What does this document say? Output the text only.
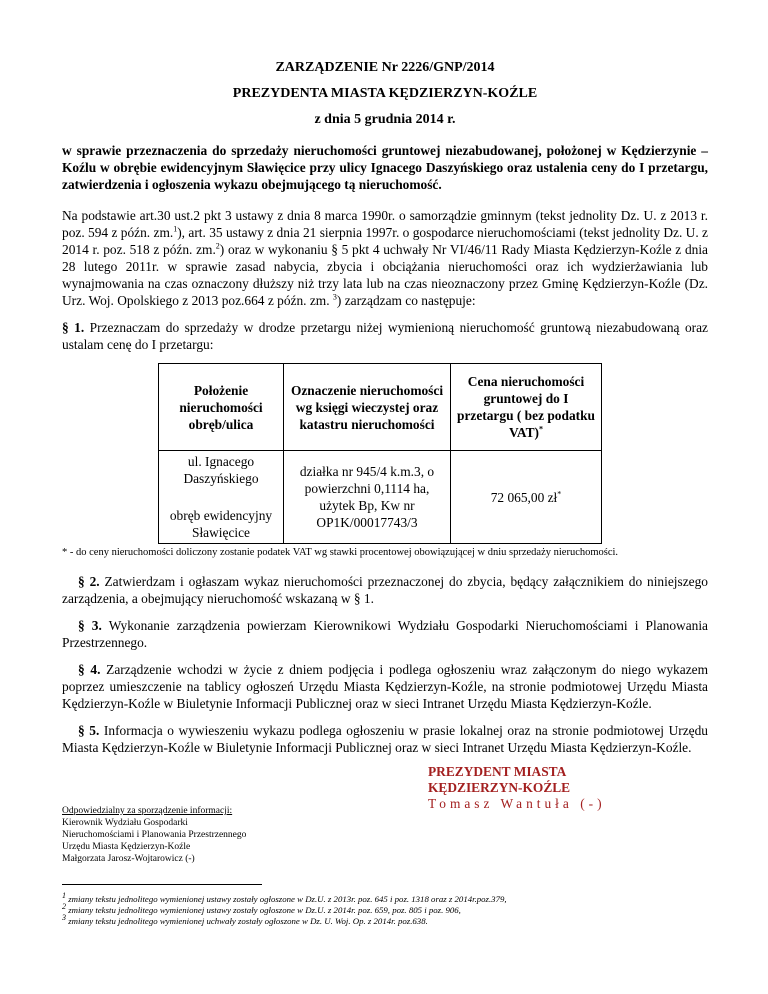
ZARZĄDZENIE Nr 2226/GNP/2014
PREZYDENTA MIASTA KĘDZIERZYN-KOŹLE
z dnia 5 grudnia 2014 r.
w sprawie przeznaczenia do sprzedaży nieruchomości gruntowej niezabudowanej, położonej w Kędzierzynie – Koźlu w obrębie ewidencyjnym Sławięcice przy ulicy Ignacego Daszyńskiego oraz ustalenia ceny do I przetargu, zatwierdzenia i ogłoszenia wykazu obejmującego tą nieruchomość.
Na podstawie art.30 ust.2 pkt 3 ustawy z dnia 8 marca 1990r. o samorządzie gminnym (tekst jednolity Dz. U. z 2013 r. poz. 594 z późn. zm.$^1$), art. 35 ustawy z dnia 21 sierpnia 1997r. o gospodarce nieruchomościami (tekst jednolity Dz. U. z 2014 r. poz. 518 z późn. zm.$^2$) oraz w wykonaniu § 5 pkt 4 uchwały Nr VI/46/11 Rady Miasta Kędzierzyn-Koźle z dnia 28 lutego 2011r. w sprawie zasad nabycia, zbycia i obciążania nieruchomości oraz ich wydzierżawiania lub wynajmowania na czas oznaczony dłuższy niż trzy lata lub na czas nieoznaczony przez Gminę Kędzierzyn-Koźle (Dz. Urz. Woj. Opolskiego z 2013 poz.664 z późn. zm. $^3$) zarządzam co następuje:
§ 1. Przeznaczam do sprzedaży w drodze przetargu niżej wymienioną nieruchomość gruntową niezabudowaną oraz ustalam cenę do I przetargu:
Położenie nieruchomości obręb/ulica	Oznaczenie nieruchomości wg księgi wieczystej oraz katastru nieruchomości	Cena nieruchomości gruntowej do I przetargu ( bez podatku VAT)*

ul. Ignacego Daszyńskiego
obręb ewidencyjny Sławięcice	działka nr 945/4 k.m.3, o powierzchni 0,1114 ha, użytek Bp, Kw nr OP1K/00017743/3	72 065,00 zł*
* - do ceny nieruchomości doliczony zostanie podatek VAT wg stawki procentowej obowiązującej w dniu sprzedaży nieruchomości.
§ 2. Zatwierdzam i ogłaszam wykaz nieruchomości przeznaczonej do zbycia, będący załącznikiem do niniejszego zarządzenia, a obejmujący nieruchomość wskazaną w § 1.
§ 3. Wykonanie zarządzenia powierzam Kierownikowi Wydziału Gospodarki Nieruchomościami i Planowania Przestrzennego.
§ 4. Zarządzenie wchodzi w życie z dniem podjęcia i podlega ogłoszeniu wraz załączonym do niego wykazem poprzez umieszczenie na tablicy ogłoszeń Urzędu Miasta Kędzierzyn-Koźle, na stronie podmiotowej Urzędu Miasta Kędzierzyn-Koźle w Biuletynie Informacji Publicznej oraz w sieci Intranet Urzędu Miasta Kędzierzyn-Koźle.
§ 5. Informacja o wywieszeniu wykazu podlega ogłoszeniu w prasie lokalnej oraz na stronie podmiotowej Urzędu Miasta Kędzierzyn-Koźle w Biuletynie Informacji Publicznej oraz w sieci Intranet Urzędu Miasta Kędzierzyn-Koźle.
PREZYDENT MIASTA
KĘDZIERZYN-KOŹLE
Tomasz Wantuła (-)
Odpowiedzialny za sporządzenie informacji:
Kierownik Wydziału Gospodarki
Nieruchomościami i Planowania Przestrzennego
Urzędu Miasta Kędzierzyn-Koźle
Małgorzata Jarosz-Wojtarowicz (-)
$^1$ zmiany tekstu jednolitego wymienionej ustawy zostały ogłoszone w Dz.U. z 2013r. poz. 645 i poz. 1318 oraz z 2014r.poz.379,
$^2$ zmiany tekstu jednolitego wymienionej ustawy zostały ogłoszone w Dz.U. z 2014r. poz. 659, poz. 805 i poz. 906,
$^3$ zmiany tekstu jednolitego wymienionej uchwały zostały ogłoszone w Dz. U. Woj. Op. z 2014r. poz.638.
